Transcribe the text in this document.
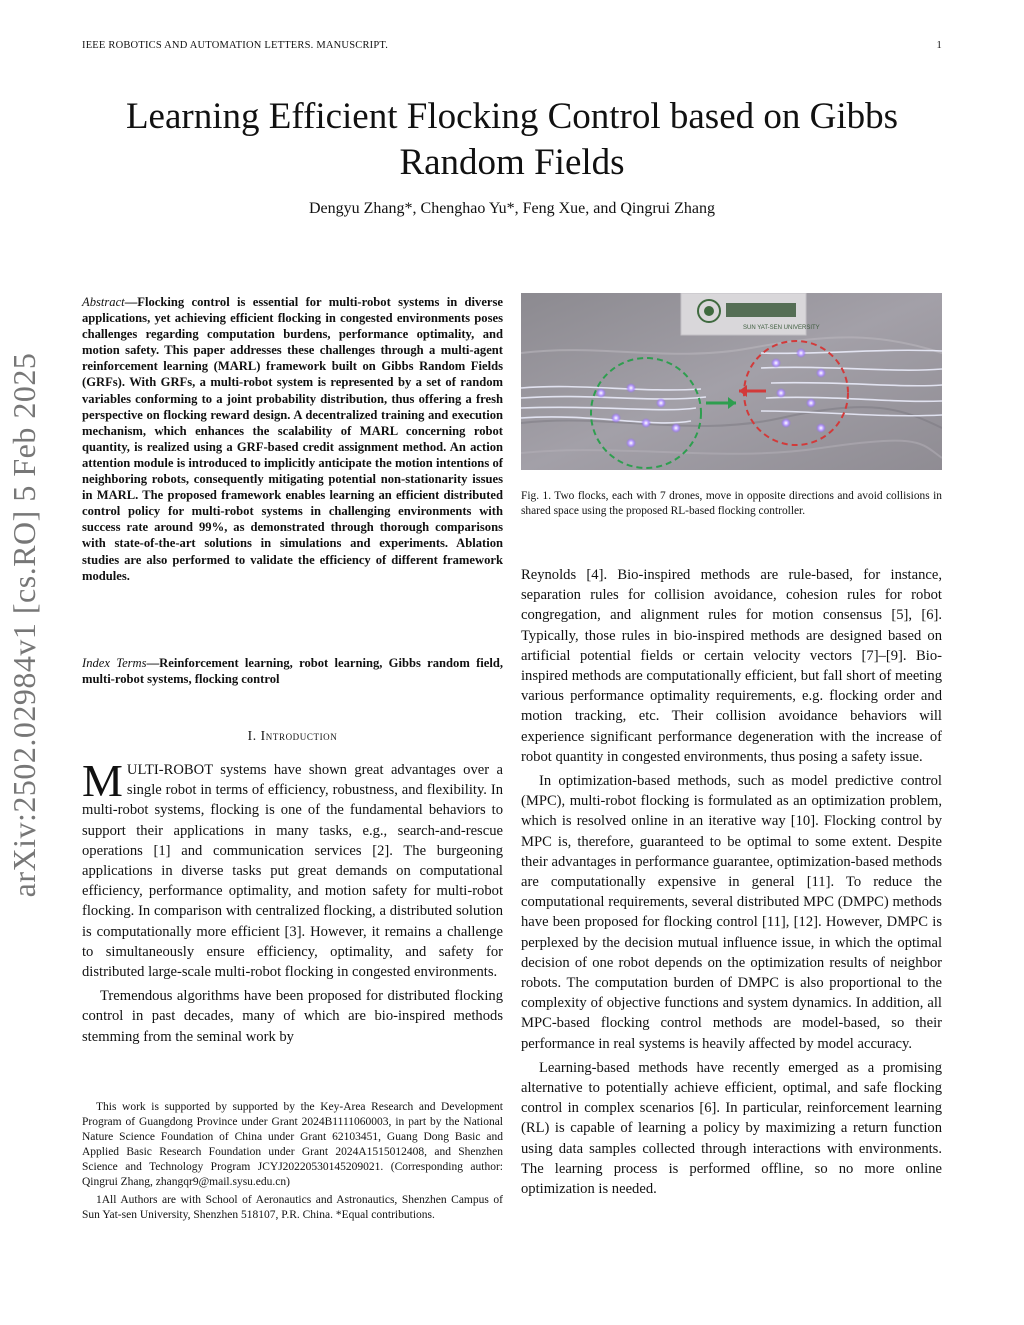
IEEE ROBOTICS AND AUTOMATION LETTERS. MANUSCRIPT.	1
Learning Efficient Flocking Control based on Gibbs
Random Fields
Dengyu Zhang*, Chenghao Yu*, Feng Xue, and Qingrui Zhang
arXiv:2502.02984v1 [cs.RO] 5 Feb 2025
Abstract—Flocking control is essential for multi-robot systems in diverse applications, yet achieving efficient flocking in congested environments poses challenges regarding computation burdens, performance optimality, and motion safety. This paper addresses these challenges through a multi-agent reinforcement learning (MARL) framework built on Gibbs Random Fields (GRFs). With GRFs, a multi-robot system is represented by a set of random variables conforming to a joint probability distribution, thus offering a fresh perspective on flocking reward design. A decentralized training and execution mechanism, which enhances the scalability of MARL concerning robot quantity, is realized using a GRF-based credit assignment method. An action attention module is introduced to implicitly anticipate the motion intentions of neighboring robots, consequently mitigating potential non-stationarity issues in MARL. The proposed framework enables learning an efficient distributed control policy for multi-robot systems in challenging environments with success rate around 99%, as demonstrated through thorough comparisons with state-of-the-art solutions in simulations and experiments. Ablation studies are also performed to validate the efficiency of different framework modules.
Index Terms—Reinforcement learning, robot learning, Gibbs random field, multi-robot systems, flocking control
I. Introduction

MULTI-ROBOT systems have shown great advantages over a single robot in terms of efficiency, robustness, and flexibility. In multi-robot systems, flocking is one of the fundamental behaviors to support their applications in many tasks, e.g., search-and-rescue operations [1] and communication services [2]. The burgeoning applications in diverse tasks put great demands on computational efficiency, performance optimality, and motion safety for multi-robot flocking. In comparison with centralized flocking, a distributed solution is computationally more efficient [3]. However, it remains a challenge to simultaneously ensure efficiency, optimality, and safety for distributed large-scale multi-robot flocking in congested environments.

Tremendous algorithms have been proposed for distributed flocking control in past decades, many of which are bio-inspired methods stemming from the seminal work by

This work is supported by supported by the Key-Area Research and Development Program of Guangdong Province under Grant 2024B1111060003, in part by the National Nature Science Foundation of China under Grant 62103451, Guang Dong Basic and Applied Basic Research Foundation under Grant 2024A1515012408, and Shenzhen Science and Technology Program JCYJ20220530145209021. (Corresponding author: Qingrui Zhang, zhangqr9@mail.sysu.edu.cn)

1All Authors are with School of Aeronautics and Astronautics, Shenzhen Campus of Sun Yat-sen University, Shenzhen 518107, P.R. China. *Equal contributions.

SUN YAT-SEN UNIVERSITY
Fig. 1. Two flocks, each with 7 drones, move in opposite directions and avoid collisions in shared space using the proposed RL-based flocking controller.

Reynolds [4]. Bio-inspired methods are rule-based, for instance, separation rules for collision avoidance, cohesion rules for robot congregation, and alignment rules for motion consensus [5], [6]. Typically, those rules in bio-inspired methods are designed based on artificial potential fields or certain velocity vectors [7]–[9]. Bio-inspired methods are computationally efficient, but fall short of meeting various performance optimality requirements, e.g. flocking order and motion tracking, etc. Their collision avoidance behaviors will experience significant performance degeneration with the increase of robot quantity in congested environments, thus posing a safety issue.

In optimization-based methods, such as model predictive control (MPC), multi-robot flocking is formulated as an optimization problem, which is resolved online in an iterative way [10]. Flocking control by MPC is, therefore, guaranteed to be optimal to some extent. Despite their advantages in performance guarantee, optimization-based methods are computationally expensive in general [11]. To reduce the computational requirements, several distributed MPC (DMPC) methods have been proposed for flocking control [11], [12]. However, DMPC is perplexed by the decision mutual influence issue, in which the optimal decision of one robot depends on the optimization results of neighbor robots. The computation burden of DMPC is also proportional to the complexity of objective functions and system dynamics. In addition, all MPC-based flocking control methods are model-based, so their performance in real systems is heavily affected by model accuracy.

Learning-based methods have recently emerged as a promising alternative to potentially achieve efficient, optimal, and safe flocking control in complex scenarios [6]. In particular, reinforcement learning (RL) is capable of learning a policy by maximizing a return function using data samples collected through interactions with environments. The learning process is performed offline, so no more online optimization is needed.
